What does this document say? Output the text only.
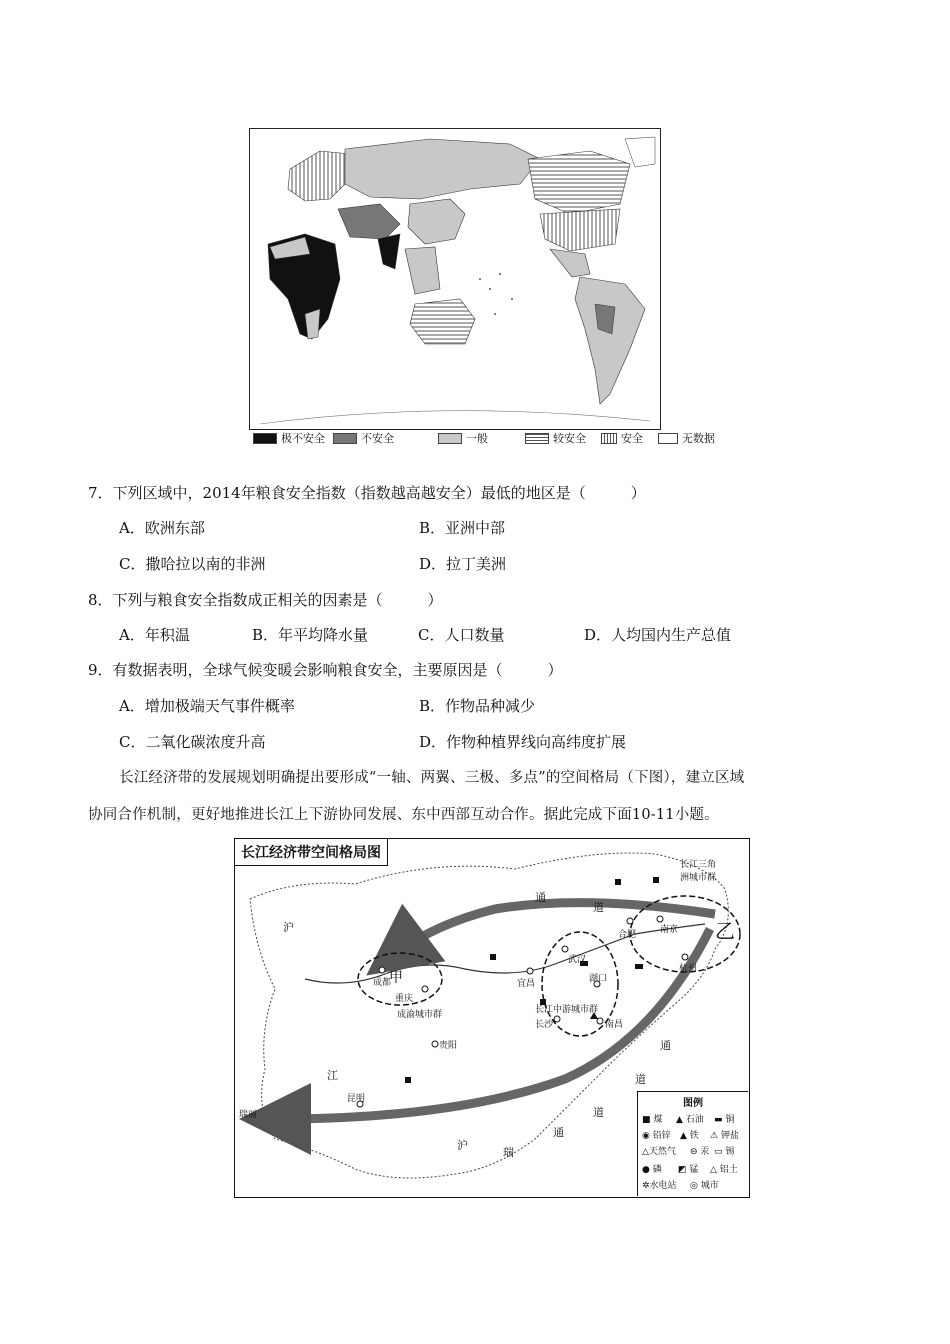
极不安全	不安全	一般	较安全	安全	无数据
7．下列区域中，2014年粮食安全指数（指数越高越安全）最低的地区是（　　　）
A．欧洲东部	B．亚洲中部
C．撒哈拉以南的非洲	D．拉丁美洲
8．下列与粮食安全指数成正相关的因素是（　　　）
A．年积温	B．年平均降水量	C．人口数量	D．人均国内生产总值
9．有数据表明，全球气候变暖会影响粮食安全，主要原因是（　　　）
A．增加极端天气事件概率	B．作物品种减少
C．二氧化碳浓度升高	D．作物种植界线向高纬度扩展
长江经济带的发展规划明确提出要形成“一轴、两翼、三极、多点”的空间格局（下图），建立区域
协同合作机制，更好地推进长江上下游协同发展、东中西部互动合作。据此完成下面10-11小题。
长江经济带空间格局图
成都
重庆
贵阳
昆明
瑞丽
宜昌
武汉
长沙	南昌
合肥	南京
杭州
湖口
成渝城市群	长江中游城市群
长江三角洲城市群
通
道
沪
江
通
道
沪
瑞
通
道
甲
乙
图例
■ 煤 ▲ 石油 ▬ 铜
◉ 铅锌 ▲ 铁 ⚠ 钾盐
△天然气 ⊖ 汞 ▭ 锡
● 磷 ◩ 锰 △ 铝土
✲水电站 ◎ 城市
